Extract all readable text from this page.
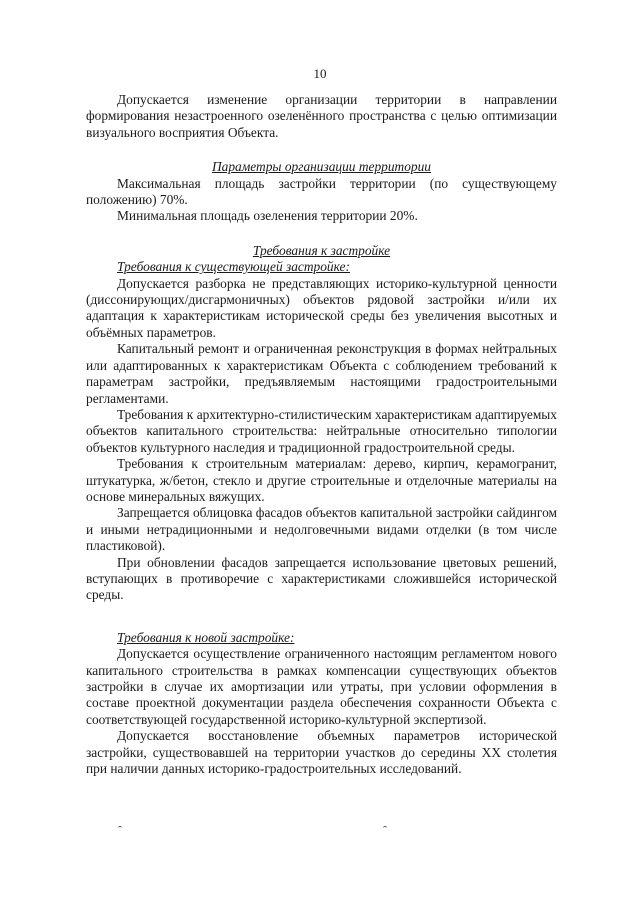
10

Допускается изменение организации территории в направлении формирования незастроенного озеленённого пространства с целью оптимизации визуального восприятия Объекта.

Параметры организации территории

Максимальная площадь застройки территории (по существующему положению) 70%.

Минимальная площадь озеленения территории 20%.

Требования к застройке

Требования к существующей застройке:

Допускается разборка не представляющих историко-культурной ценности (диссонирующих/дисгармоничных) объектов рядовой застройки и/или их адаптация к характеристикам исторической среды без увеличения высотных и объёмных параметров.

Капитальный ремонт и ограниченная реконструкция в формах нейтральных или адаптированных к характеристикам Объекта с соблюдением требований к параметрам застройки, предъявляемым настоящими градостроительными регламентами.

Требования к архитектурно-стилистическим характеристикам адаптируемых объектов капитального строительства: нейтральные относительно типологии объектов культурного наследия и традиционной градостроительной среды.

Требования к строительным материалам: дерево, кирпич, керамогранит, штукатурка, ж/бетон, стекло и другие строительные и отделочные материалы на основе минеральных вяжущих.

Запрещается облицовка фасадов объектов капитальной застройки сайдингом и иными нетрадиционными и недолговечными видами отделки (в том числе пластиковой).

При обновлении фасадов запрещается использование цветовых решений, вступающих в противоречие с характеристиками сложившейся исторической среды.

Требования к новой застройке:

Допускается осуществление ограниченного настоящим регламентом нового капитального строительства в рамках компенсации существующих объектов застройки в случае их амортизации или утраты, при условии оформления в составе проектной документации раздела обеспечения сохранности Объекта с соответствующей государственной историко-культурной экспертизой.

Допускается восстановление объемных параметров исторической застройки, существовавшей на территории участков до середины XX столетия при наличии данных историко-градостроительных исследований.
